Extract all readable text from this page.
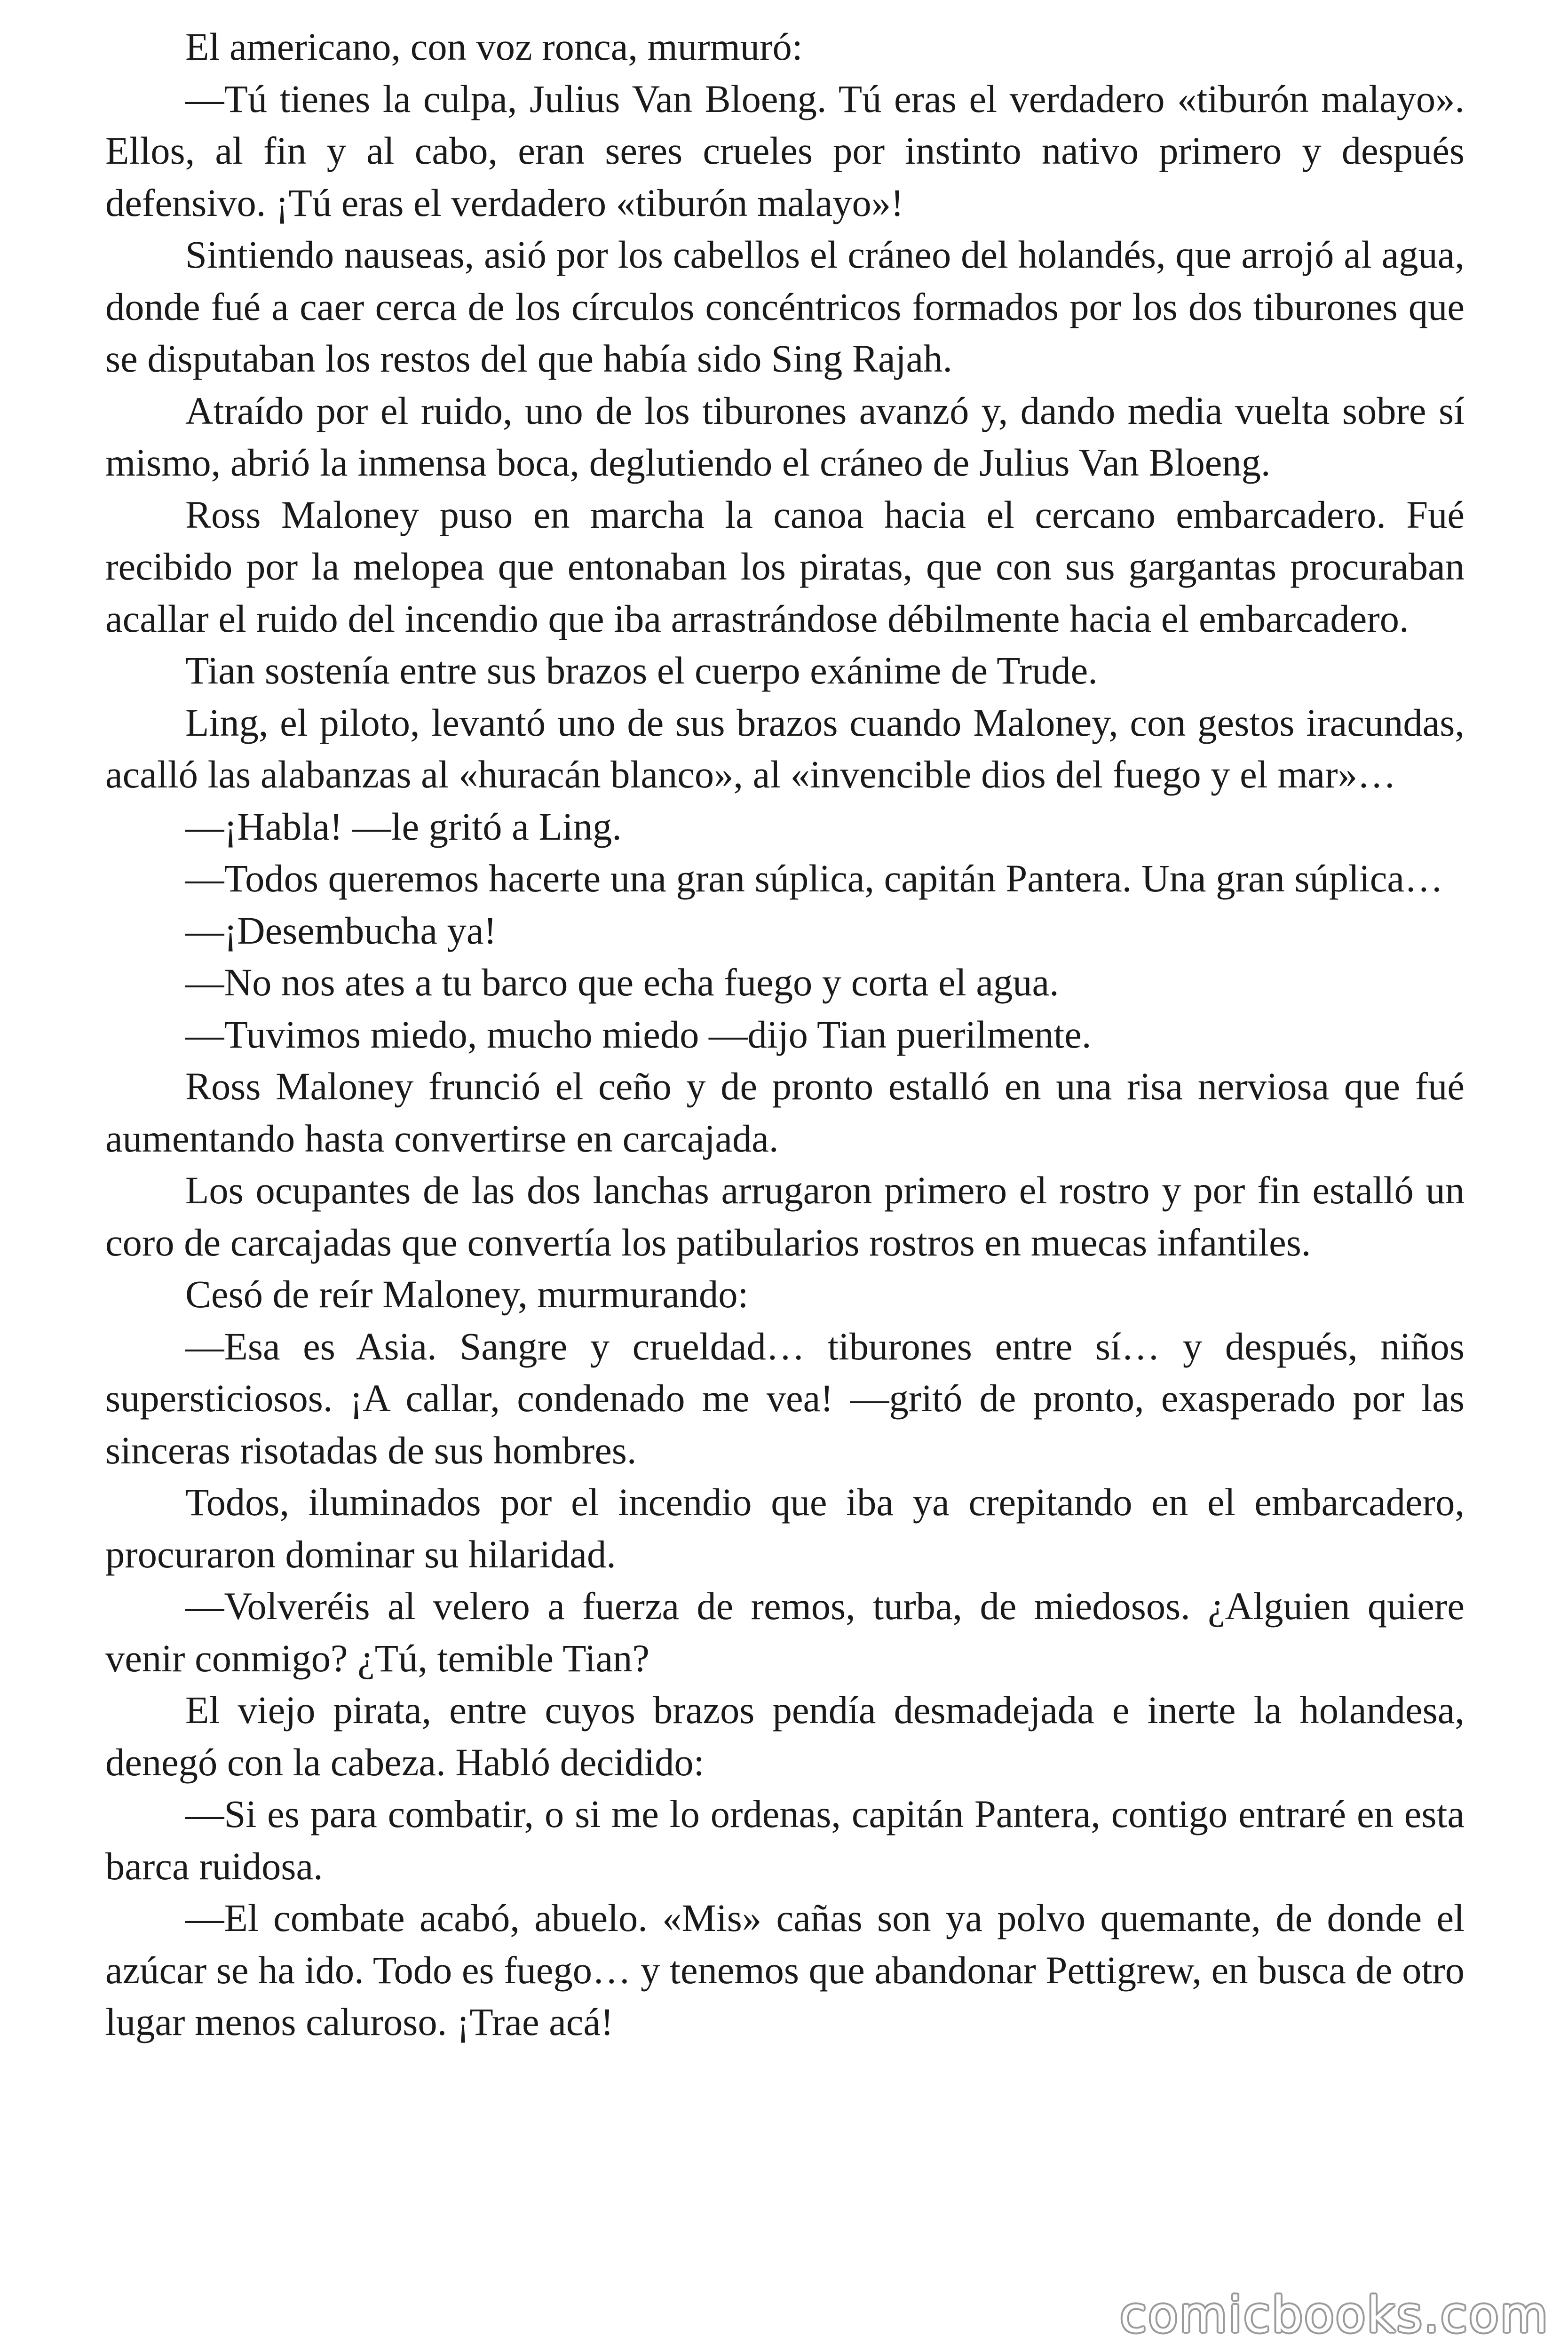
El americano, con voz ronca, murmuró:

—Tú tienes la culpa, Julius Van Bloeng. Tú eras el verdadero «tiburón malayo». Ellos, al fin y al cabo, eran seres crueles por instinto nativo primero y después defensivo. ¡Tú eras el verdadero «tiburón malayo»!

Sintiendo nauseas, asió por los cabellos el cráneo del holandés, que arrojó al agua, donde fué a caer cerca de los círculos concéntricos formados por los dos tiburones que se disputaban los restos del que había sido Sing Rajah.

Atraído por el ruido, uno de los tiburones avanzó y, dando media vuelta sobre sí mismo, abrió la inmensa boca, deglutiendo el cráneo de Julius Van Bloeng.

Ross Maloney puso en marcha la canoa hacia el cercano embarcadero. Fué recibido por la melopea que entonaban los piratas, que con sus gargantas procuraban acallar el ruido del incendio que iba arrastrándose débilmente hacia el embarcadero.

Tian sostenía entre sus brazos el cuerpo exánime de Trude.

Ling, el piloto, levantó uno de sus brazos cuando Maloney, con gestos iracundas, acalló las alabanzas al «huracán blanco», al «invencible dios del fuego y el mar»…

—¡Habla! —le gritó a Ling.

—Todos queremos hacerte una gran súplica, capitán Pantera. Una gran súplica…

—¡Desembucha ya!

—No nos ates a tu barco que echa fuego y corta el agua.

—Tuvimos miedo, mucho miedo —dijo Tian puerilmente.

Ross Maloney frunció el ceño y de pronto estalló en una risa nerviosa que fué aumentando hasta convertirse en carcajada.

Los ocupantes de las dos lanchas arrugaron primero el rostro y por fin estalló un coro de carcajadas que convertía los patibularios rostros en muecas infantiles.

Cesó de reír Maloney, murmurando:

—Esa es Asia. Sangre y crueldad… tiburones entre sí… y después, niños supersticiosos. ¡A callar, condenado me vea! —gritó de pronto, exasperado por las sinceras risotadas de sus hombres.

Todos, iluminados por el incendio que iba ya crepitando en el embarcadero, procuraron dominar su hilaridad.

—Volveréis al velero a fuerza de remos, turba, de miedosos. ¿Alguien quiere venir conmigo? ¿Tú, temible Tian?

El viejo pirata, entre cuyos brazos pendía desmadejada e inerte la holandesa, denegó con la cabeza. Habló decidido:

—Si es para combatir, o si me lo ordenas, capitán Pantera, contigo entraré en esta barca ruidosa.

—El combate acabó, abuelo. «Mis» cañas son ya polvo quemante, de donde el azúcar se ha ido. Todo es fuego… y tenemos que abandonar Pettigrew, en busca de otro lugar menos caluroso. ¡Trae acá!

comicbooks.com
